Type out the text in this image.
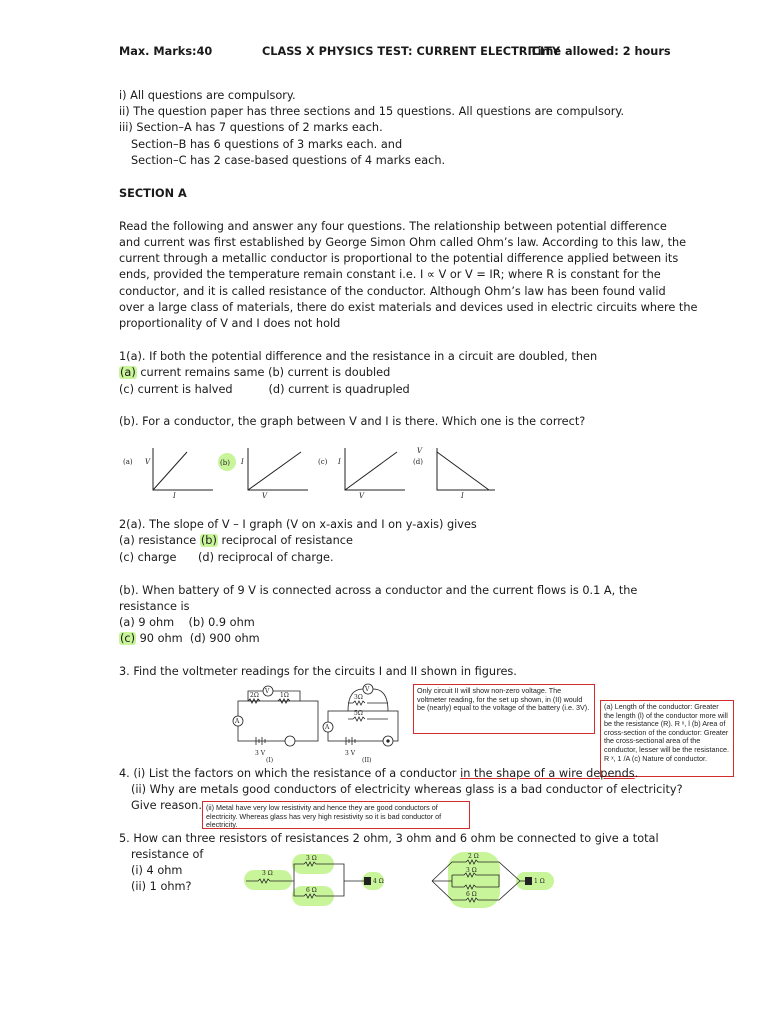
Max. Marks:40	CLASS X PHYSICS TEST: CURRENT ELECTRICITY
Time allowed: 2 hours
i) All questions are compulsory.
ii) The question paper has three sections and 15 questions. All questions are compulsory.
iii) Section–A has 7 questions of 2 marks each.
Section–B has 6 questions of 3 marks each. and
Section–C has 2 case-based questions of 4 marks each.
SECTION A
Read the following and answer any four questions. The relationship between potential difference
and current was first established by George Simon Ohm called Ohm’s law. According to this law, the
current through a metallic conductor is proportional to the potential difference applied between its
ends, provided the temperature remain constant i.e. I ∝ V or V = IR; where R is constant for the
conductor, and it is called resistance of the conductor. Although Ohm’s law has been found valid
over a large class of materials, there do exist materials and devices used in electric circuits where the
proportionality of V and I does not hold
1(a). If both the potential difference and the resistance in a circuit are doubled, then
(a) current remains same (b) current is doubled
(c) current is halved          (d) current is quadrupled
(b). For a conductor, the graph between V and I is there. Which one is the correct?
(a) V
I
(b) I
V
(c) I
V
(d)
V
I
2(a). The slope of V – I graph (V on x-axis and I on y-axis) gives
(a) resistance (b) reciprocal of resistance
(c) charge      (d) reciprocal of charge.
(b). When battery of 9 V is connected across a conductor and the current flows is 0.1 A, the
resistance is
(a) 9 ohm    (b) 0.9 ohm
(c) 90 ohm  (d) 900 ohm
3. Find the voltmeter readings for the circuits I and II shown in figures.
V
A
2Ω	1Ω
3 V
(I)
V
A
3Ω
5Ω
3 V
(II)
Only circuit II will show non-zero voltage. The voltmeter reading, for the set up shown, in (II) would be (nearly) equal to the voltage of the battery (i.e. 3V).	(a) Length of the conductor: Greater the length (l) of the conductor more will be the resistance (R). R ˣ, l (b) Area of cross-section of the conductor: Greater the cross-sectional area of the conductor, lesser will be the resistance. R ˣ, 1 /A (c) Nature of conductor.
4. (i) List the factors on which the resistance of a conductor in the shape of a wire depends.
(ii) Why are metals good conductors of electricity whereas glass is a bad conductor of electricity?
Give reason. (ii) Metal have very low resistivity and hence they are good conductors of electricity. Whereas glass has very high resistivity so it is bad conductor of electricity.
5. How can three resistors of resistances 2 ohm, 3 ohm and 6 ohm be connected to give a total
resistance of
(i) 4 ohm
(ii) 1 ohm?
3 Ω
3 Ω
6 Ω
4 Ω
2 Ω
3 Ω
6 Ω
1 Ω
